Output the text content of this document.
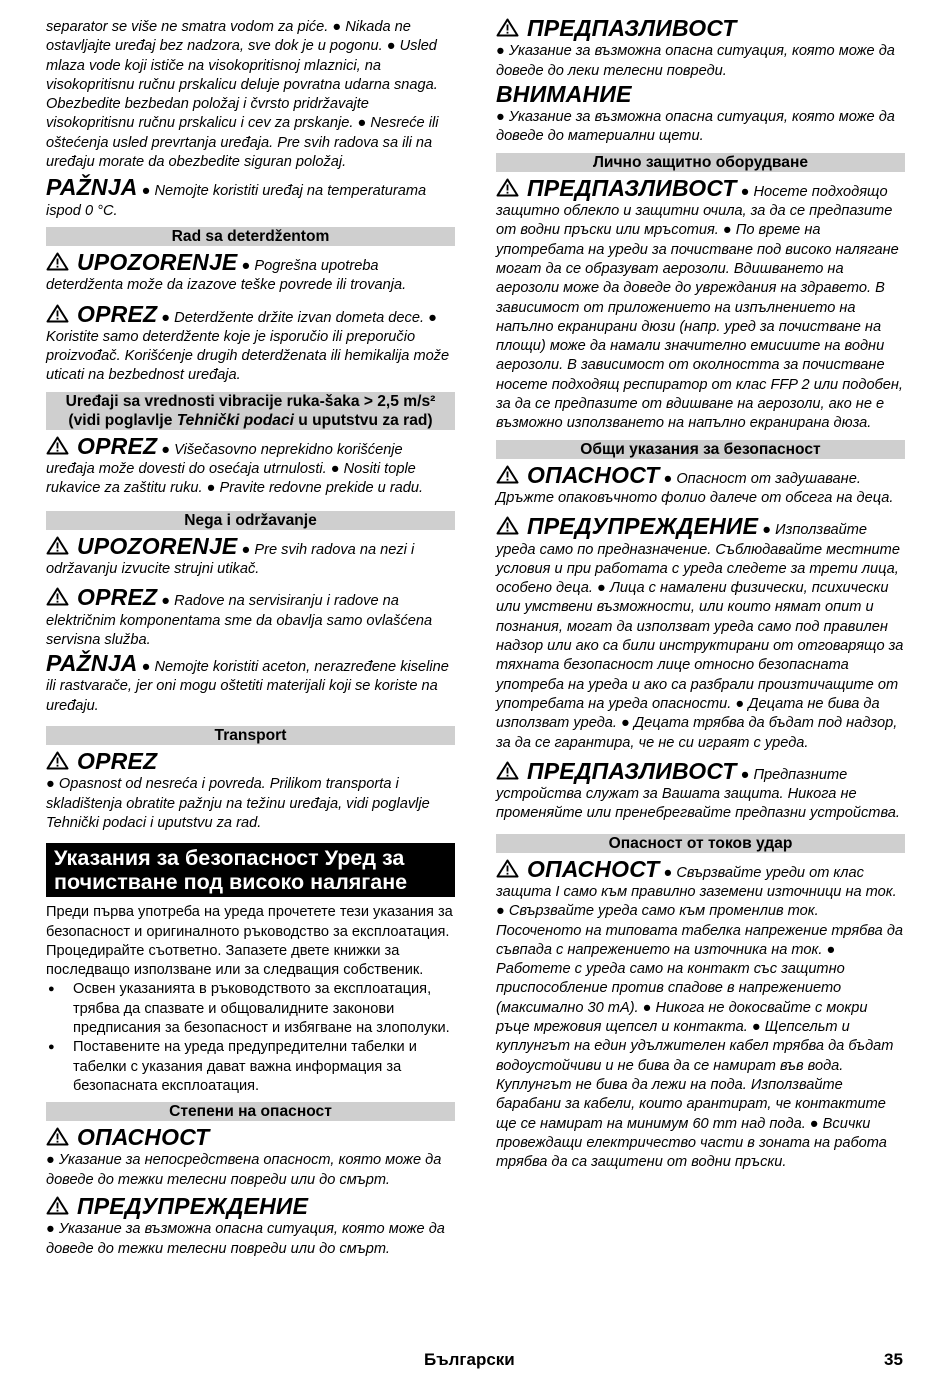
separator se više ne smatra vodom za piće. ● Nikada ne ostavljajte uređaj bez nadzora, sve dok je u pogonu. ● Usled mlaza vode koji ističe na visokopritisnoj mlaznici, na visokopritisnu ručnu prskalicu deluje povratna udarna snaga. Obezbedite bezbedan položaj i čvrsto pridržavajte visokopritisnu ručnu prskalicu i cev za prskanje. ● Nesreće ili oštećenja usled prevrtanja uređaja. Pre svih radova sa ili na uređaju morate da obezbedite siguran položaj.

PAŽNJA ● Nemojte koristiti uređaj na temperaturama ispod 0 °C.

Rad sa deterdžentom

UPOZORENJE ● Pogrešna upotreba deterdženta može da izazove teške povrede ili trovanja.

OPREZ ● Deterdžente držite izvan dometa dece. ● Koristite samo deterdžente koje je isporučio ili preporučio proizvođač. Korišćenje drugih deterdženata ili hemikalija može uticati na bezbednost uređaja.

Uređaji sa vrednosti vibracije ruka-šaka > 2,5 m/s²
(vidi poglavlje Tehnički podaci u uputstvu za rad)

OPREZ ● Višečasovno neprekidno korišćenje uređaja može dovesti do osećaja utrnulosti. ● Nositi tople rukavice za zaštitu ruku. ● Pravite redovne prekide u radu.

Nega i održavanje

UPOZORENJE ● Pre svih radova na nezi i održavanju izvucite strujni utikač.

OPREZ ● Radove na servisiranju i radove na električnim komponentama sme da obavlja samo ovlašćena servisna služba.

PAŽNJA ● Nemojte koristiti aceton, nerazređene kiseline ili rastvarače, jer oni mogu oštetiti materijali koji se koriste na uređaju.

Transport

OPREZ

● Opasnost od nesreća i povreda. Prilikom transporta i skladištenja obratite pažnju na težinu uređaja, vidi poglavlje Tehnički podaci i uputstvu za rad.

Указания за безопасност Уред за почистване под високо налягане

Преди първа употреба на уреда прочетете тези указания за безопасност и оригиналното ръководство за експлоатация. Процедирайте съответно. Запазете двете книжки за последващо използване или за следващия собственик.

● Освен указанията в ръководството за експлоатация, трябва да спазвате и общовалидните законови предписания за безопасност и избягване на злополуки.
● Поставените на уреда предупредителни табелки и табелки с указания дават важна информация за безопасната експлоатация.
Степени на опасност

ОПАСНОСТ

● Указание за непосредствена опасност, която може да доведе до тежки телесни повреди или до смърт.

ПРЕДУПРЕЖДЕНИЕ

● Указание за възможна опасна ситуация, която може да доведе до тежки телесни повреди или до смърт.

ПРЕДПАЗЛИВОСТ

● Указание за възможна опасна ситуация, която може да доведе до леки телесни повреди.

ВНИМАНИЕ

● Указание за възможна опасна ситуация, която може да доведе до материални щети.

Лично защитно оборудване

ПРЕДПАЗЛИВОСТ ● Носете подходящо защитно облекло и защитни очила, за да се предпазите от водни пръски или мръсотия. ● По време на употребата на уреди за почистване под високо налягане могат да се образуват аерозоли. Вдишването на аерозоли може да доведе до увреждания на здравето. В зависимост от приложението на изпълнението на напълно екранирани дюзи (напр. уред за почистване на площи) може да намали значително емисиите на водни аерозоли. В зависимост от околността за почистване носете подходящ респиратор от клас FFP 2 или подобен, за да се предпазите от вдишване на аерозоли, ако не е възможно използването на напълно екранирана дюза.

Общи указания за безопасност

ОПАСНОСТ ● Опасност от задушаване. Дръжте опаковъчното фолио далече от обсега на деца.

ПРЕДУПРЕЖДЕНИЕ ● Използвайте уреда само по предназначение. Съблюдавайте местните условия и при работата с уреда следете за трети лица, особено деца. ● Лица с намалени физически, психически или умствени възможности, или които нямат опит и познания, могат да използват уреда само под правилен надзор или ако са били инструктирани от отговарящо за тяхната безопасност лице относно безопасната употреба на уреда и ако са разбрали произтичащите от употребата на уреда опасности. ● Децата не бива да използват уреда. ● Децата трябва да бъдат под надзор, за да се гарантира, че не си играят с уреда.

ПРЕДПАЗЛИВОСТ ● Предпазните устройства служат за Вашата защита. Никога не променяйте или пренебрегвайте предпазни устройства.

Опасност от токов удар

ОПАСНОСТ ● Свързвайте уреди от клас защита I само към правилно заземени източници на ток. ● Свързвайте уреда само към променлив ток. Посоченото на типовата табелка напрежение трябва да съвпада с напрежението на източника на ток. ● Работете с уреда само на контакт със защитно приспособление против спадове в напрежението (максимално 30 mA). ● Никога не докосвайте с мокри ръце мрежовия щепсел и контакта. ● Щепсельт и куплунгът на един удължителен кабел трябва да бъдат водоустойчиви и не бива да се намират във вода. Куплунгът не бива да лежи на пода. Използвайте барабани за кабели, които арантират, че контактите ще се намират на минимум 60 mm над пода. ● Всички провеждащи електричество части в зоната на работа трябва да са защитени от водни пръски.

Български	35
